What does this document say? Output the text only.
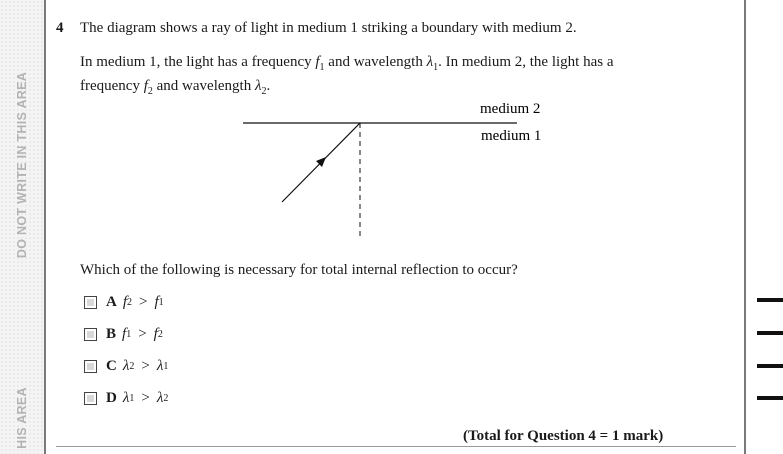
DO NOT WRITE IN THIS AREA
HIS AREA
4 The diagram shows a ray of light in medium 1 striking a boundary with medium 2.

In medium 1, the light has a frequency $f_1$ and wavelength $\lambda_1$. In medium 2, the light has a
frequency $f_2$ and wavelength $\lambda_2$.

medium 2
medium 1

Which of the following is necessary for total internal reflection to occur?

A f 2 > f 1
B f 1 > f 2
C λ 2 > λ 1
D λ 1 > λ 2
(Total for Question 4 = 1 mark)
